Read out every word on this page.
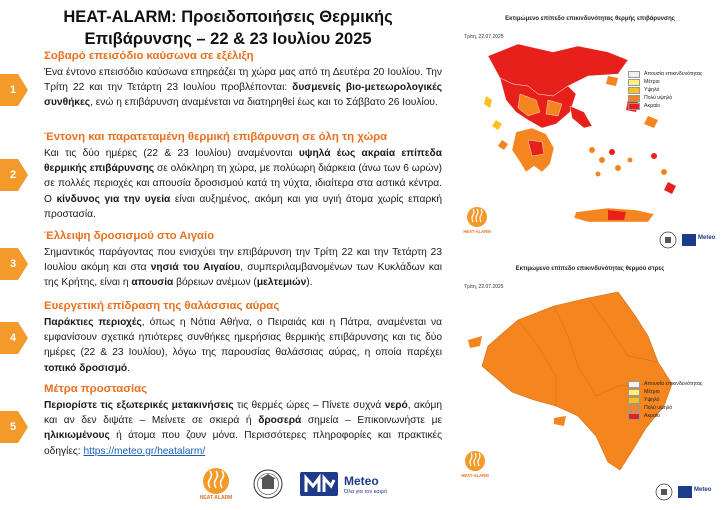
HEAT-ALARM: Προειδοποιήσεις Θερμικής Επιβάρυνσης – 22 & 23 Ιουλίου 2025
1
Σοβαρό επεισόδιο καύσωνα σε εξέλιξη

Ένα έντονο επεισόδιο καύσωνα επηρεάζει τη χώρα μας από τη Δευτέρα 20 Ιουλίου. Την Τρίτη 22 και την Τετάρτη 23 Ιουλίου προβλέπονται: δυσμενείς βιο-μετεωρολογικές συνθήκες, ενώ η επιβάρυνση αναμένεται να διατηρηθεί έως και το Σάββατο 26 Ιουλίου.

2
Έντονη και παρατεταμένη θερμική επιβάρυνση σε όλη τη χώρα

Και τις δύο ημέρες (22 & 23 Ιουλίου) αναμένονται υψηλά έως ακραία επίπεδα θερμικής επιβάρυνσης σε ολόκληρη τη χώρα, με πολύωρη διάρκεια (άνω των 6 ωρών) σε πολλές περιοχές και απουσία δροσισμού κατά τη νύχτα, ιδιαίτερα στα αστικά κέντρα. Ο κίνδυνος για την υγεία είναι αυξημένος, ακόμη και για υγιή άτομα χωρίς επαρκή προστασία.

3
Έλλειψη δροσισμού στο Αιγαίο

Σημαντικός παράγοντας που ενισχύει την επιβάρυνση την Τρίτη 22 και την Τετάρτη 23 Ιουλίου ακόμη και στα νησιά του Αιγαίου, συμπεριλαμβανομένων των Κυκλάδων και της Κρήτης, είναι η απουσία βόρειων ανέμων (μελτεμιών).

4
Ευεργετική επίδραση της θαλάσσιας αύρας

Παράκτιες περιοχές, όπως η Νότια Αθήνα, ο Πειραιάς και η Πάτρα, αναμένεται να εμφανίσουν σχετικά ηπιότερες συνθήκες ημερήσιας θερμικής επιβάρυνσης και τις δύο ημέρες (22 & 23 Ιουλίου), λόγω της παρουσίας θαλάσσιας αύρας, η οποία παρέχει τοπικό δροσισμό.

5
Μέτρα προστασίας

Περιορίστε τις εξωτερικές μετακινήσεις τις θερμές ώρες – Πίνετε συχνά νερό, ακόμη και αν δεν διψάτε – Μείνετε σε σκιερά ή δροσερά σημεία – Επικοινωνήστε με ηλικιωμένους ή άτομα που ζουν μόνα. Περισσότερες πληροφορίες και πρακτικές οδηγίες: https://meteo.gr/heatalarm/

HEAT-ALARM
Meteo
Όλα για τον καιρό
Εκτιμώμενο επίπεδο επικινδυνότητας θερμής επιβάρυνσης
Τρίτη, 22.07.2025
Απουσία επικινδυνότητας
Μέτριο
Υψηλό
Πολύ υψηλό
Ακραίο
HEAT-ALARM
Meteo
Εκτιμώμενο επίπεδο επικινδυνότητας θερμού στρες
Τρίτη, 22.07.2025
Απουσία επικινδυνότητας
Μέτριο
Υψηλό
Πολύ υψηλό
Ακραίο
HEAT-ALARM
Meteo
